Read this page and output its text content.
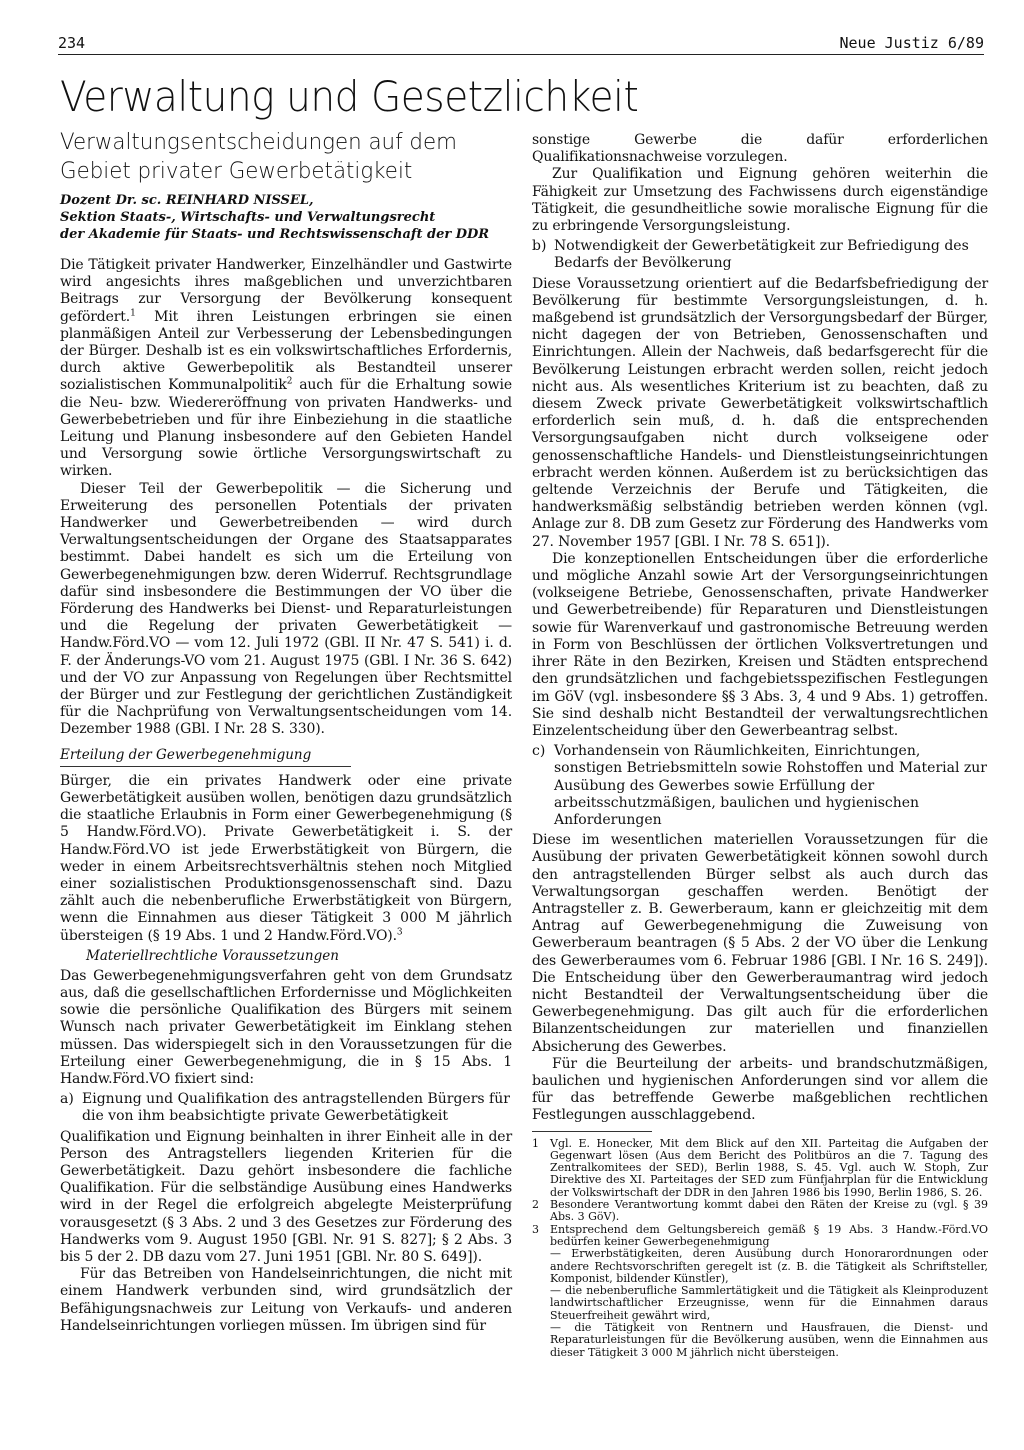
234	Neue Justiz 6/89
Verwaltung und Gesetzlichkeit
Verwaltungsentscheidungen auf dem
Gebiet privater Gewerbetätigkeit
Dozent Dr. sc. REINHARD NISSEL,
Sektion Staats-, Wirtschafts- und Verwaltungsrecht
der Akademie für Staats- und Rechtswissenschaft der DDR

Die Tätigkeit privater Handwerker, Einzelhändler und Gastwirte wird angesichts ihres maßgeblichen und unverzichtbaren Beitrags zur Versorgung der Bevölkerung konsequent gefördert.$^1$ Mit ihren Leistungen erbringen sie einen planmäßigen Anteil zur Verbesserung der Lebensbedingungen der Bürger. Deshalb ist es ein volkswirtschaftliches Erfordernis, durch aktive Gewerbepolitik als Bestandteil unserer sozialistischen Kommunalpolitik$^2$ auch für die Erhaltung sowie die Neu- bzw. Wiedereröffnung von privaten Handwerks- und Gewerbebetrieben und für ihre Einbeziehung in die staatliche Leitung und Planung insbesondere auf den Gebieten Handel und Versorgung sowie örtliche Versorgungswirtschaft zu wirken.

Dieser Teil der Gewerbepolitik — die Sicherung und Erweiterung des personellen Potentials der privaten Handwerker und Gewerbetreibenden — wird durch Verwaltungsentscheidungen der Organe des Staatsapparates bestimmt. Dabei handelt es sich um die Erteilung von Gewerbegenehmigungen bzw. deren Widerruf. Rechtsgrundlage dafür sind insbesondere die Bestimmungen der VO über die Förderung des Handwerks bei Dienst- und Reparaturleistungen und die Regelung der privaten Gewerbetätigkeit — Handw.Förd.VO — vom 12. Juli 1972 (GBl. II Nr. 47 S. 541) i. d. F. der Änderungs-VO vom 21. August 1975 (GBl. I Nr. 36 S. 642) und der VO zur Anpassung von Regelungen über Rechtsmittel der Bürger und zur Festlegung der gerichtlichen Zuständigkeit für die Nachprüfung von Verwaltungsentscheidungen vom 14. Dezember 1988 (GBl. I Nr. 28 S. 330).

Erteilung der Gewerbegenehmigung

Bürger, die ein privates Handwerk oder eine private Gewerbetätigkeit ausüben wollen, benötigen dazu grundsätzlich die staatliche Erlaubnis in Form einer Gewerbegenehmigung (§ 5 Handw.Förd.VO). Private Gewerbetätigkeit i. S. der Handw.Förd.VO ist jede Erwerbstätigkeit von Bürgern, die weder in einem Arbeitsrechtsverhältnis stehen noch Mitglied einer sozialistischen Produktionsgenossenschaft sind. Dazu zählt auch die nebenberufliche Erwerbstätigkeit von Bürgern, wenn die Einnahmen aus dieser Tätigkeit 3 000 M jährlich übersteigen (§ 19 Abs. 1 und 2 Handw.Förd.VO).$^3$

Materiellrechtliche Voraussetzungen

Das Gewerbegenehmigungsverfahren geht von dem Grundsatz aus, daß die gesellschaftlichen Erfordernisse und Möglichkeiten sowie die persönliche Qualifikation des Bürgers mit seinem Wunsch nach privater Gewerbetätigkeit im Einklang stehen müssen. Das widerspiegelt sich in den Voraussetzungen für die Erteilung einer Gewerbegenehmigung, die in § 15 Abs. 1 Handw.Förd.VO fixiert sind:

a) Eignung und Qualifikation des antragstellenden Bürgers für die von ihm beabsichtigte private Gewerbetätigkeit

Qualifikation und Eignung beinhalten in ihrer Einheit alle in der Person des Antragstellers liegenden Kriterien für die Gewerbetätigkeit. Dazu gehört insbesondere die fachliche Qualifikation. Für die selbständige Ausübung eines Handwerks wird in der Regel die erfolgreich abgelegte Meisterprüfung vorausgesetzt (§ 3 Abs. 2 und 3 des Gesetzes zur Förderung des Handwerks vom 9. August 1950 [GBl. Nr. 91 S. 827]; § 2 Abs. 3 bis 5 der 2. DB dazu vom 27. Juni 1951 [GBl. Nr. 80 S. 649]).

Für das Betreiben von Handelseinrichtungen, die nicht mit einem Handwerk verbunden sind, wird grundsätzlich der Befähigungsnachweis zur Leitung von Verkaufs- und anderen Handelseinrichtungen vorliegen müssen. Im übrigen sind für

sonstige Gewerbe die dafür erforderlichen Qualifikationsnachweise vorzulegen.

Zur Qualifikation und Eignung gehören weiterhin die Fähigkeit zur Umsetzung des Fachwissens durch eigenständige Tätigkeit, die gesundheitliche sowie moralische Eignung für die zu erbringende Versorgungsleistung.

b) Notwendigkeit der Gewerbetätigkeit zur Befriedigung des Bedarfs der Bevölkerung

Diese Voraussetzung orientiert auf die Bedarfsbefriedigung der Bevölkerung für bestimmte Versorgungsleistungen, d. h. maßgebend ist grundsätzlich der Versorgungsbedarf der Bürger, nicht dagegen der von Betrieben, Genossenschaften und Einrichtungen. Allein der Nachweis, daß bedarfsgerecht für die Bevölkerung Leistungen erbracht werden sollen, reicht jedoch nicht aus. Als wesentliches Kriterium ist zu beachten, daß zu diesem Zweck private Gewerbetätigkeit volkswirtschaftlich erforderlich sein muß, d. h. daß die entsprechenden Versorgungsaufgaben nicht durch volkseigene oder genossenschaftliche Handels- und Dienstleistungseinrichtungen erbracht werden können. Außerdem ist zu berücksichtigen das geltende Verzeichnis der Berufe und Tätigkeiten, die handwerksmäßig selbständig betrieben werden können (vgl. Anlage zur 8. DB zum Gesetz zur Förderung des Handwerks vom 27. November 1957 [GBl. I Nr. 78 S. 651]).

Die konzeptionellen Entscheidungen über die erforderliche und mögliche Anzahl sowie Art der Versorgungseinrichtungen (volkseigene Betriebe, Genossenschaften, private Handwerker und Gewerbetreibende) für Reparaturen und Dienstleistungen sowie für Warenverkauf und gastronomische Betreuung werden in Form von Beschlüssen der örtlichen Volksvertretungen und ihrer Räte in den Bezirken, Kreisen und Städten entsprechend den grundsätzlichen und fachgebietsspezifischen Festlegungen im GöV (vgl. insbesondere §§ 3 Abs. 3, 4 und 9 Abs. 1) getroffen. Sie sind deshalb nicht Bestandteil der verwaltungsrechtlichen Einzelentscheidung über den Gewerbeantrag selbst.

c) Vorhandensein von Räumlichkeiten, Einrichtungen, sonstigen Betriebsmitteln sowie Rohstoffen und Material zur Ausübung des Gewerbes sowie Erfüllung der arbeitsschutzmäßigen, baulichen und hygienischen Anforderungen

Diese im wesentlichen materiellen Voraussetzungen für die Ausübung der privaten Gewerbetätigkeit können sowohl durch den antragstellenden Bürger selbst als auch durch das Verwaltungsorgan geschaffen werden. Benötigt der Antragsteller z. B. Gewerberaum, kann er gleichzeitig mit dem Antrag auf Gewerbegenehmigung die Zuweisung von Gewerberaum beantragen (§ 5 Abs. 2 der VO über die Lenkung des Gewerberaumes vom 6. Februar 1986 [GBl. I Nr. 16 S. 249]). Die Entscheidung über den Gewerberaumantrag wird jedoch nicht Bestandteil der Verwaltungsentscheidung über die Gewerbegenehmigung. Das gilt auch für die erforderlichen Bilanzentscheidungen zur materiellen und finanziellen Absicherung des Gewerbes.

Für die Beurteilung der arbeits- und brandschutzmäßigen, baulichen und hygienischen Anforderungen sind vor allem die für das betreffende Gewerbe maßgeblichen rechtlichen Festlegungen ausschlaggebend.

1	Vgl. E. Honecker, Mit dem Blick auf den XII. Parteitag die Aufgaben der Gegenwart lösen (Aus dem Bericht des Politbüros an die 7. Tagung des Zentralkomitees der SED), Berlin 1988, S. 45. Vgl. auch W. Stoph, Zur Direktive des XI. Parteitages der SED zum Fünfjahrplan für die Entwicklung der Volkswirtschaft der DDR in den Jahren 1986 bis 1990, Berlin 1986, S. 26.
2	Besondere Verantwortung kommt dabei den Räten der Kreise zu (vgl. § 39 Abs. 3 GöV).
3	Entsprechend dem Geltungsbereich gemäß § 19 Abs. 3 Handw.-Förd.VO bedürfen keiner Gewerbegenehmigung
— Erwerbstätigkeiten, deren Ausübung durch Honorarordnungen oder andere Rechtsvorschriften geregelt ist (z. B. die Tätigkeit als Schriftsteller, Komponist, bildender Künstler),
— die nebenberufliche Sammlertätigkeit und die Tätigkeit als Kleinproduzent landwirtschaftlicher Erzeugnisse, wenn für die Einnahmen daraus Steuerfreiheit gewährt wird,
— die Tätigkeit von Rentnern und Hausfrauen, die Dienst- und Reparaturleistungen für die Bevölkerung ausüben, wenn die Einnahmen aus dieser Tätigkeit 3 000 M jährlich nicht übersteigen.
